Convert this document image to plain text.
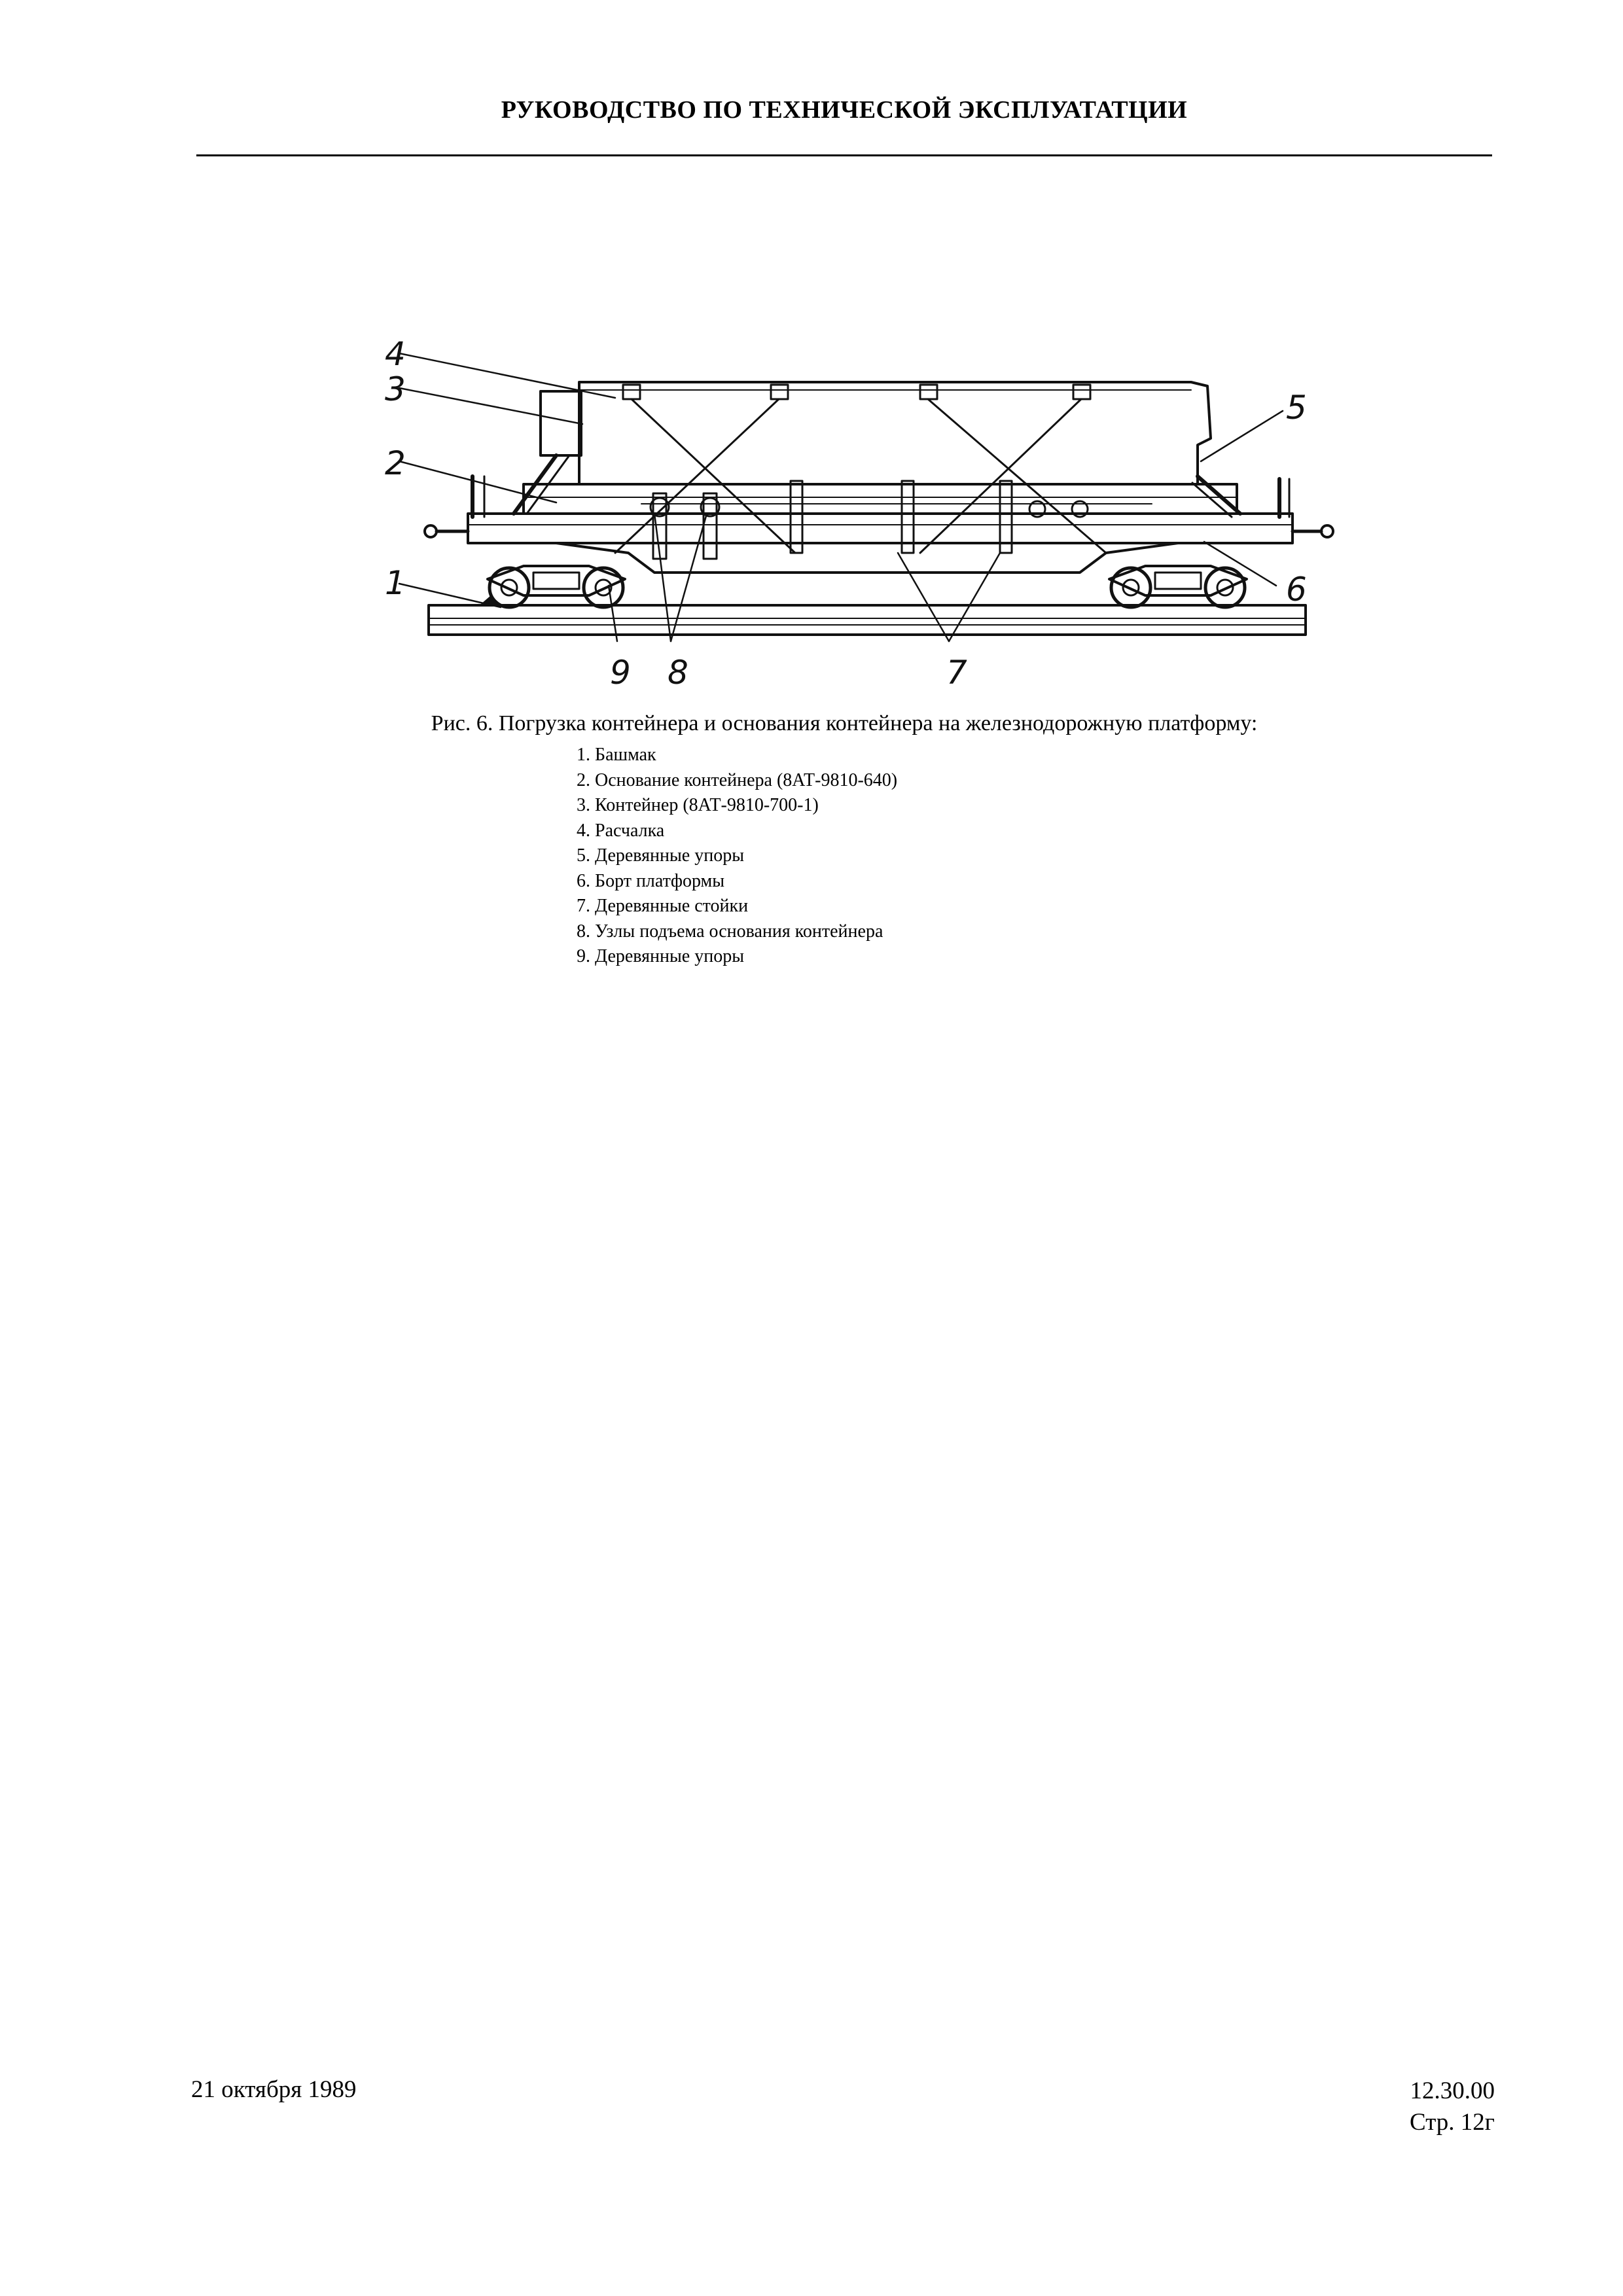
РУКОВОДСТВО ПО ТЕХНИЧЕСКОЙ ЭКСПЛУАТАТЦИИ
4
3
2
1
5
6
9 8	7
Рис. 6. Погрузка контейнера и основания контейнера на железнодорожную платформу:
1. Башмак
2. Основание контейнера (8АТ-9810-640)
3. Контейнер (8АТ-9810-700-1)
4. Расчалка
5. Деревянные упоры
6. Борт платформы
7. Деревянные стойки
8. Узлы подъема основания контейнера
9. Деревянные упоры
21 октября 1989	12.30.00
Стр. 12г
